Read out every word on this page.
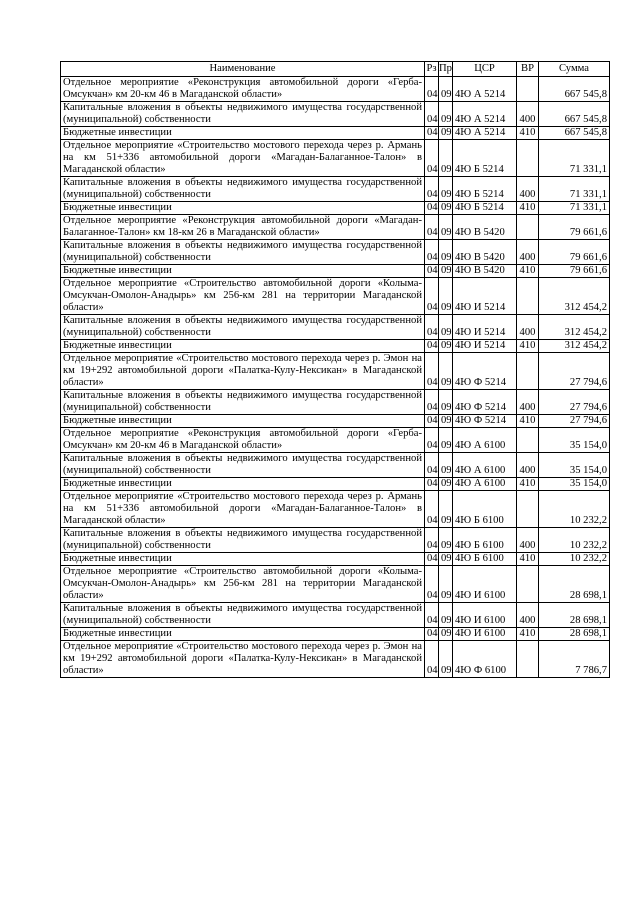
Наименование	Рз	Пр	ЦСР	ВР	Сумма
Отдельное мероприятие «Реконструкция автомобильной дороги «Герба-Омсукчан» км 20-км 46 в Магаданской области»	04	09	4Ю А 5214		667 545,8
Капитальные вложения в объекты недвижимого имущества государственной (муниципальной) собственности	04	09	4Ю А 5214	400	667 545,8
Бюджетные инвестиции	04	09	4Ю А 5214	410	667 545,8
Отдельное мероприятие «Строительство мостового перехода через р. Армань на км 51+336 автомобильной дороги «Магадан-Балаганное-Талон» в Магаданской области»	04	09	4Ю Б 5214		71 331,1
Капитальные вложения в объекты недвижимого имущества государственной (муниципальной) собственности	04	09	4Ю Б 5214	400	71 331,1
Бюджетные инвестиции	04	09	4Ю Б 5214	410	71 331,1
Отдельное мероприятие «Реконструкция автомобильной дороги «Магадан-Балаганное-Талон» км 18-км 26 в Магаданской области»	04	09	4Ю В 5420		79 661,6
Капитальные вложения в объекты недвижимого имущества государственной (муниципальной) собственности	04	09	4Ю В 5420	400	79 661,6
Бюджетные инвестиции	04	09	4Ю В 5420	410	79 661,6
Отдельное мероприятие «Строительство автомобильной дороги «Колыма-Омсукчан-Омолон-Анадырь» км 256-км 281 на территории Магаданской области»	04	09	4Ю И 5214		312 454,2
Капитальные вложения в объекты недвижимого имущества государственной (муниципальной) собственности	04	09	4Ю И 5214	400	312 454,2
Бюджетные инвестиции	04	09	4Ю И 5214	410	312 454,2
Отдельное мероприятие «Строительство мостового перехода через р. Эмон на км 19+292 автомобильной дороги «Палатка-Кулу-Нексикан» в Магаданской области»	04	09	4Ю Ф 5214		27 794,6
Капитальные вложения в объекты недвижимого имущества государственной (муниципальной) собственности	04	09	4Ю Ф 5214	400	27 794,6
Бюджетные инвестиции	04	09	4Ю Ф 5214	410	27 794,6
Отдельное мероприятие «Реконструкция автомобильной дороги «Герба-Омсукчан» км 20-км 46 в Магаданской области»	04	09	4Ю А 6100		35 154,0
Капитальные вложения в объекты недвижимого имущества государственной (муниципальной) собственности	04	09	4Ю А 6100	400	35 154,0
Бюджетные инвестиции	04	09	4Ю А 6100	410	35 154,0
Отдельное мероприятие «Строительство мостового перехода через р. Армань на км 51+336 автомобильной дороги «Магадан-Балаганное-Талон» в Магаданской области»	04	09	4Ю Б 6100		10 232,2
Капитальные вложения в объекты недвижимого имущества государственной (муниципальной) собственности	04	09	4Ю Б 6100	400	10 232,2
Бюджетные инвестиции	04	09	4Ю Б 6100	410	10 232,2
Отдельное мероприятие «Строительство автомобильной дороги «Колыма-Омсукчан-Омолон-Анадырь» км 256-км 281 на территории Магаданской области»	04	09	4Ю И 6100		28 698,1
Капитальные вложения в объекты недвижимого имущества государственной (муниципальной) собственности	04	09	4Ю И 6100	400	28 698,1
Бюджетные инвестиции	04	09	4Ю И 6100	410	28 698,1
Отдельное мероприятие «Строительство мостового перехода через р. Эмон на км 19+292 автомобильной дороги «Палатка-Кулу-Нексикан» в Магаданской области»	04	09	4Ю Ф 6100		7 786,7
